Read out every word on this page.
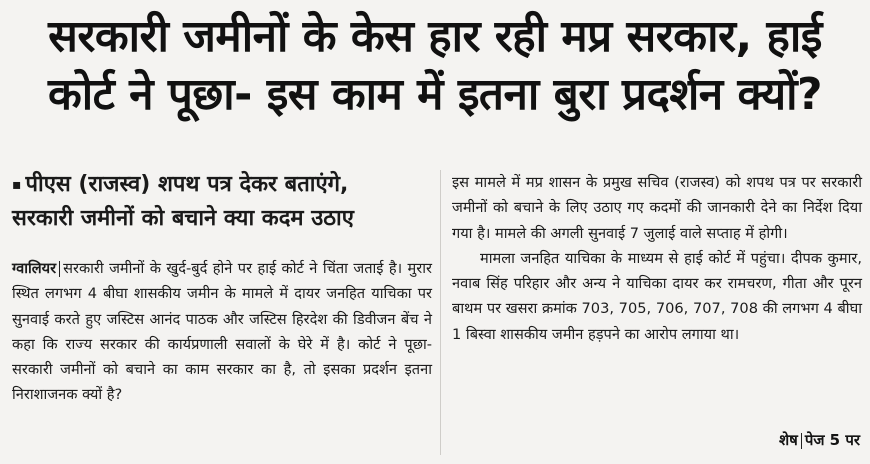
सरकारी जमीनों के केस हार रही मप्र सरकार, हाई
कोर्ट ने पूछा- इस काम में इतना बुरा प्रदर्शन क्यों?
▪ पीएस (राजस्व) शपथ पत्र देकर बताएंगे,
सरकारी जमीनों को बचाने क्या कदम उठाए

ग्वालियर सरकारी जमीनों के खुर्द-बुर्द होने पर हाई कोर्ट ने चिंता जताई है। मुरार स्थित लगभग 4 बीघा शासकीय जमीन के मामले में दायर जनहित याचिका पर सुनवाई करते हुए जस्टिस आनंद पाठक और जस्टिस हिरदेश की डिवीजन बेंच ने कहा कि राज्य सरकार की कार्यप्रणाली सवालों के घेरे में है। कोर्ट ने पूछा- सरकारी जमीनों को बचाने का काम सरकार का है, तो इसका प्रदर्शन इतना निराशाजनक क्यों है?

इस मामले में मप्र शासन के प्रमुख सचिव (राजस्व) को शपथ पत्र पर सरकारी जमीनों को बचाने के लिए उठाए गए कदमों की जानकारी देने का निर्देश दिया गया है। मामले की अगली सुनवाई 7 जुलाई वाले सप्ताह में होगी।

मामला जनहित याचिका के माध्यम से हाई कोर्ट में पहुंचा। दीपक कुमार, नवाब सिंह परिहार और अन्य ने याचिका दायर कर रामचरण, गीता और पूरन बाथम पर खसरा क्रमांक 703, 705, 706, 707, 708 की लगभग 4 बीघा 1 बिस्वा शासकीय जमीन हड़पने का आरोप लगाया था।

शेष पेज 5 पर
